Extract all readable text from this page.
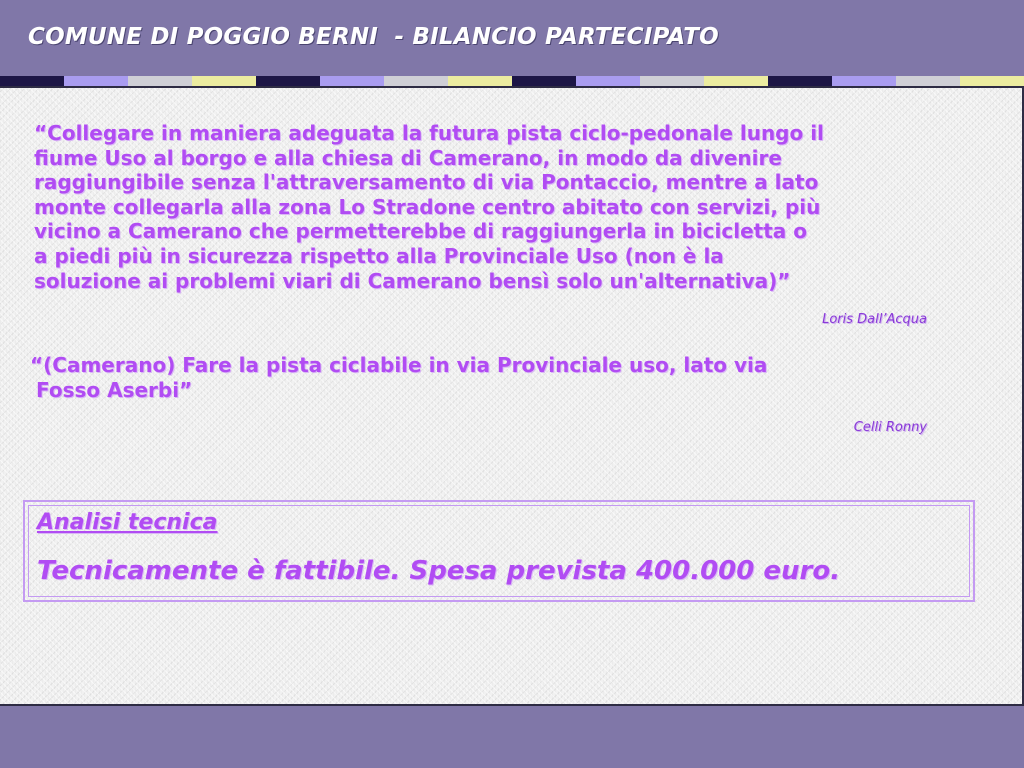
COMUNE DI POGGIO BERNI  - BILANCIO PARTECIPATO
“Collegare in maniera adeguata la futura pista ciclo-pedonale lungo il
fiume Uso al borgo e alla chiesa di Camerano, in modo da divenire
raggiungibile senza l'attraversamento di via Pontaccio, mentre a lato
monte collegarla alla zona Lo Stradone centro abitato con servizi, più
vicino a Camerano che permetterebbe di raggiungerla in bicicletta o
a piedi più in sicurezza rispetto alla Provinciale Uso (non è la
soluzione ai problemi viari di Camerano bensì solo un'alternativa)”
Loris Dall’Acqua
“(Camerano) Fare la pista ciclabile in via Provinciale uso, lato via
Fosso Aserbi”
Celli Ronny
Analisi tecnica
Tecnicamente è fattibile. Spesa prevista 400.000 euro.
